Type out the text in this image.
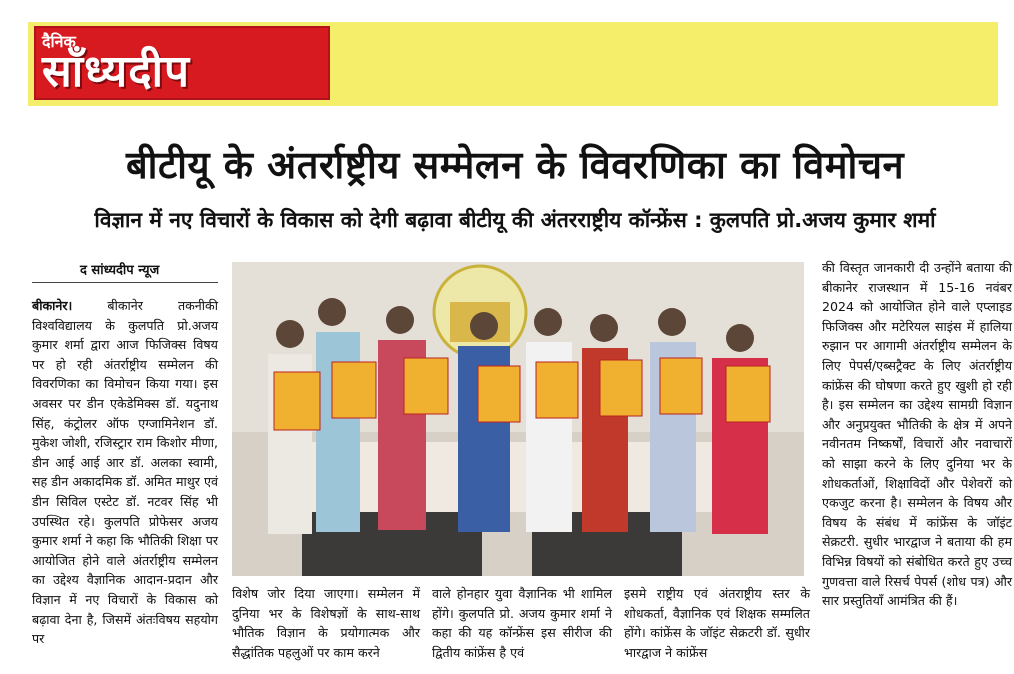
दैनिक
साँध्यदीप
बीटीयू के अंतर्राष्ट्रीय सम्मेलन के विवरणिका का विमोचन
विज्ञान में नए विचारों के विकास को देगी बढ़ावा बीटीयू की अंतरराष्ट्रीय कॉन्फ्रेंस : कुलपति प्रो.अजय कुमार शर्मा
द सांध्यदीप न्यूज
बीकानेर।	बीकानेर तकनीकी विश्वविद्यालय के कुलपति प्रो.अजय कुमार शर्मा द्वारा आज फिजिक्स विषय पर हो रही अंतर्राष्ट्रीय सम्मेलन की विवरणिका का विमोचन किया गया। इस अवसर पर डीन एकेडेमिक्स डॉ. यदुनाथ सिंह, कंट्रोलर ऑफ एग्जामिनेशन डॉ. मुकेश जोशी, रजिस्ट्रार राम किशोर मीणा, डीन आई आई आर डॉ. अलका स्वामी, सह डीन अकादमिक डॉ. अमित माथुर एवं डीन सिविल एस्टेट डॉ. नटवर सिंह भी उपस्थित रहे। कुलपति प्रोफेसर अजय कुमार शर्मा ने कहा कि भौतिकी शिक्षा पर आयोजित होने वाले अंतर्राष्ट्रीय सम्मेलन का उद्देश्य वैज्ञानिक आदान-प्रदान और विज्ञान में नए विचारों के विकास को बढ़ावा देना है, जिसमें अंतःविषय सहयोग पर
विशेष जोर दिया जाएगा। सम्मेलन में दुनिया भर के विशेषज्ञों के साथ-साथ भौतिक विज्ञान के प्रयोगात्मक और सैद्धांतिक पहलुओं पर काम करने
वाले होनहार युवा वैज्ञानिक भी शामिल होंगे। कुलपति प्रो. अजय कुमार शर्मा ने कहा की यह कॉन्फ्रेंस इस सीरीज की द्वितीय कांफ्रेंस है एवं
इसमे राष्ट्रीय एवं अंतराष्ट्रीय स्तर के शोधकर्ता, वैज्ञानिक एवं शिक्षक सम्मलित होंगे। कांफ्रेंस के जॉइंट सेक्रटरी डॉ. सुधीर भारद्वाज ने कांफ्रेंस
की विस्तृत जानकारी दी उन्होंने बताया की बीकानेर राजस्थान में 15-16 नवंबर 2024 को आयोजित होने वाले एप्लाइड फिजिक्स और मटेरियल साइंस में हालिया रुझान पर आगामी अंतर्राष्ट्रीय सम्मेलन के लिए पेपर्स/एब्सट्रैक्ट के लिए अंतर्राष्ट्रीय कांफ्रेंस की घोषणा करते हुए खुशी हो रही है। इस सम्मेलन का उद्देश्य सामग्री विज्ञान और अनुप्रयुक्त भौतिकी के क्षेत्र में अपने नवीनतम निष्कर्षों, विचारों और नवाचारों को साझा करने के लिए दुनिया भर के शोधकर्ताओं, शिक्षाविदों और पेशेवरों को एकजुट करना है। सम्मेलन के विषय और विषय के संबंध में कांफ्रेंस के जॉइंट सेक्रटरी. सुधीर भारद्वाज ने बताया की हम विभिन्न विषयों को संबोधित करते हुए उच्च गुणवत्ता वाले रिसर्च पेपर्स (शोध पत्र) और सार प्रस्तुतियाँ आमंत्रित की हैं।
